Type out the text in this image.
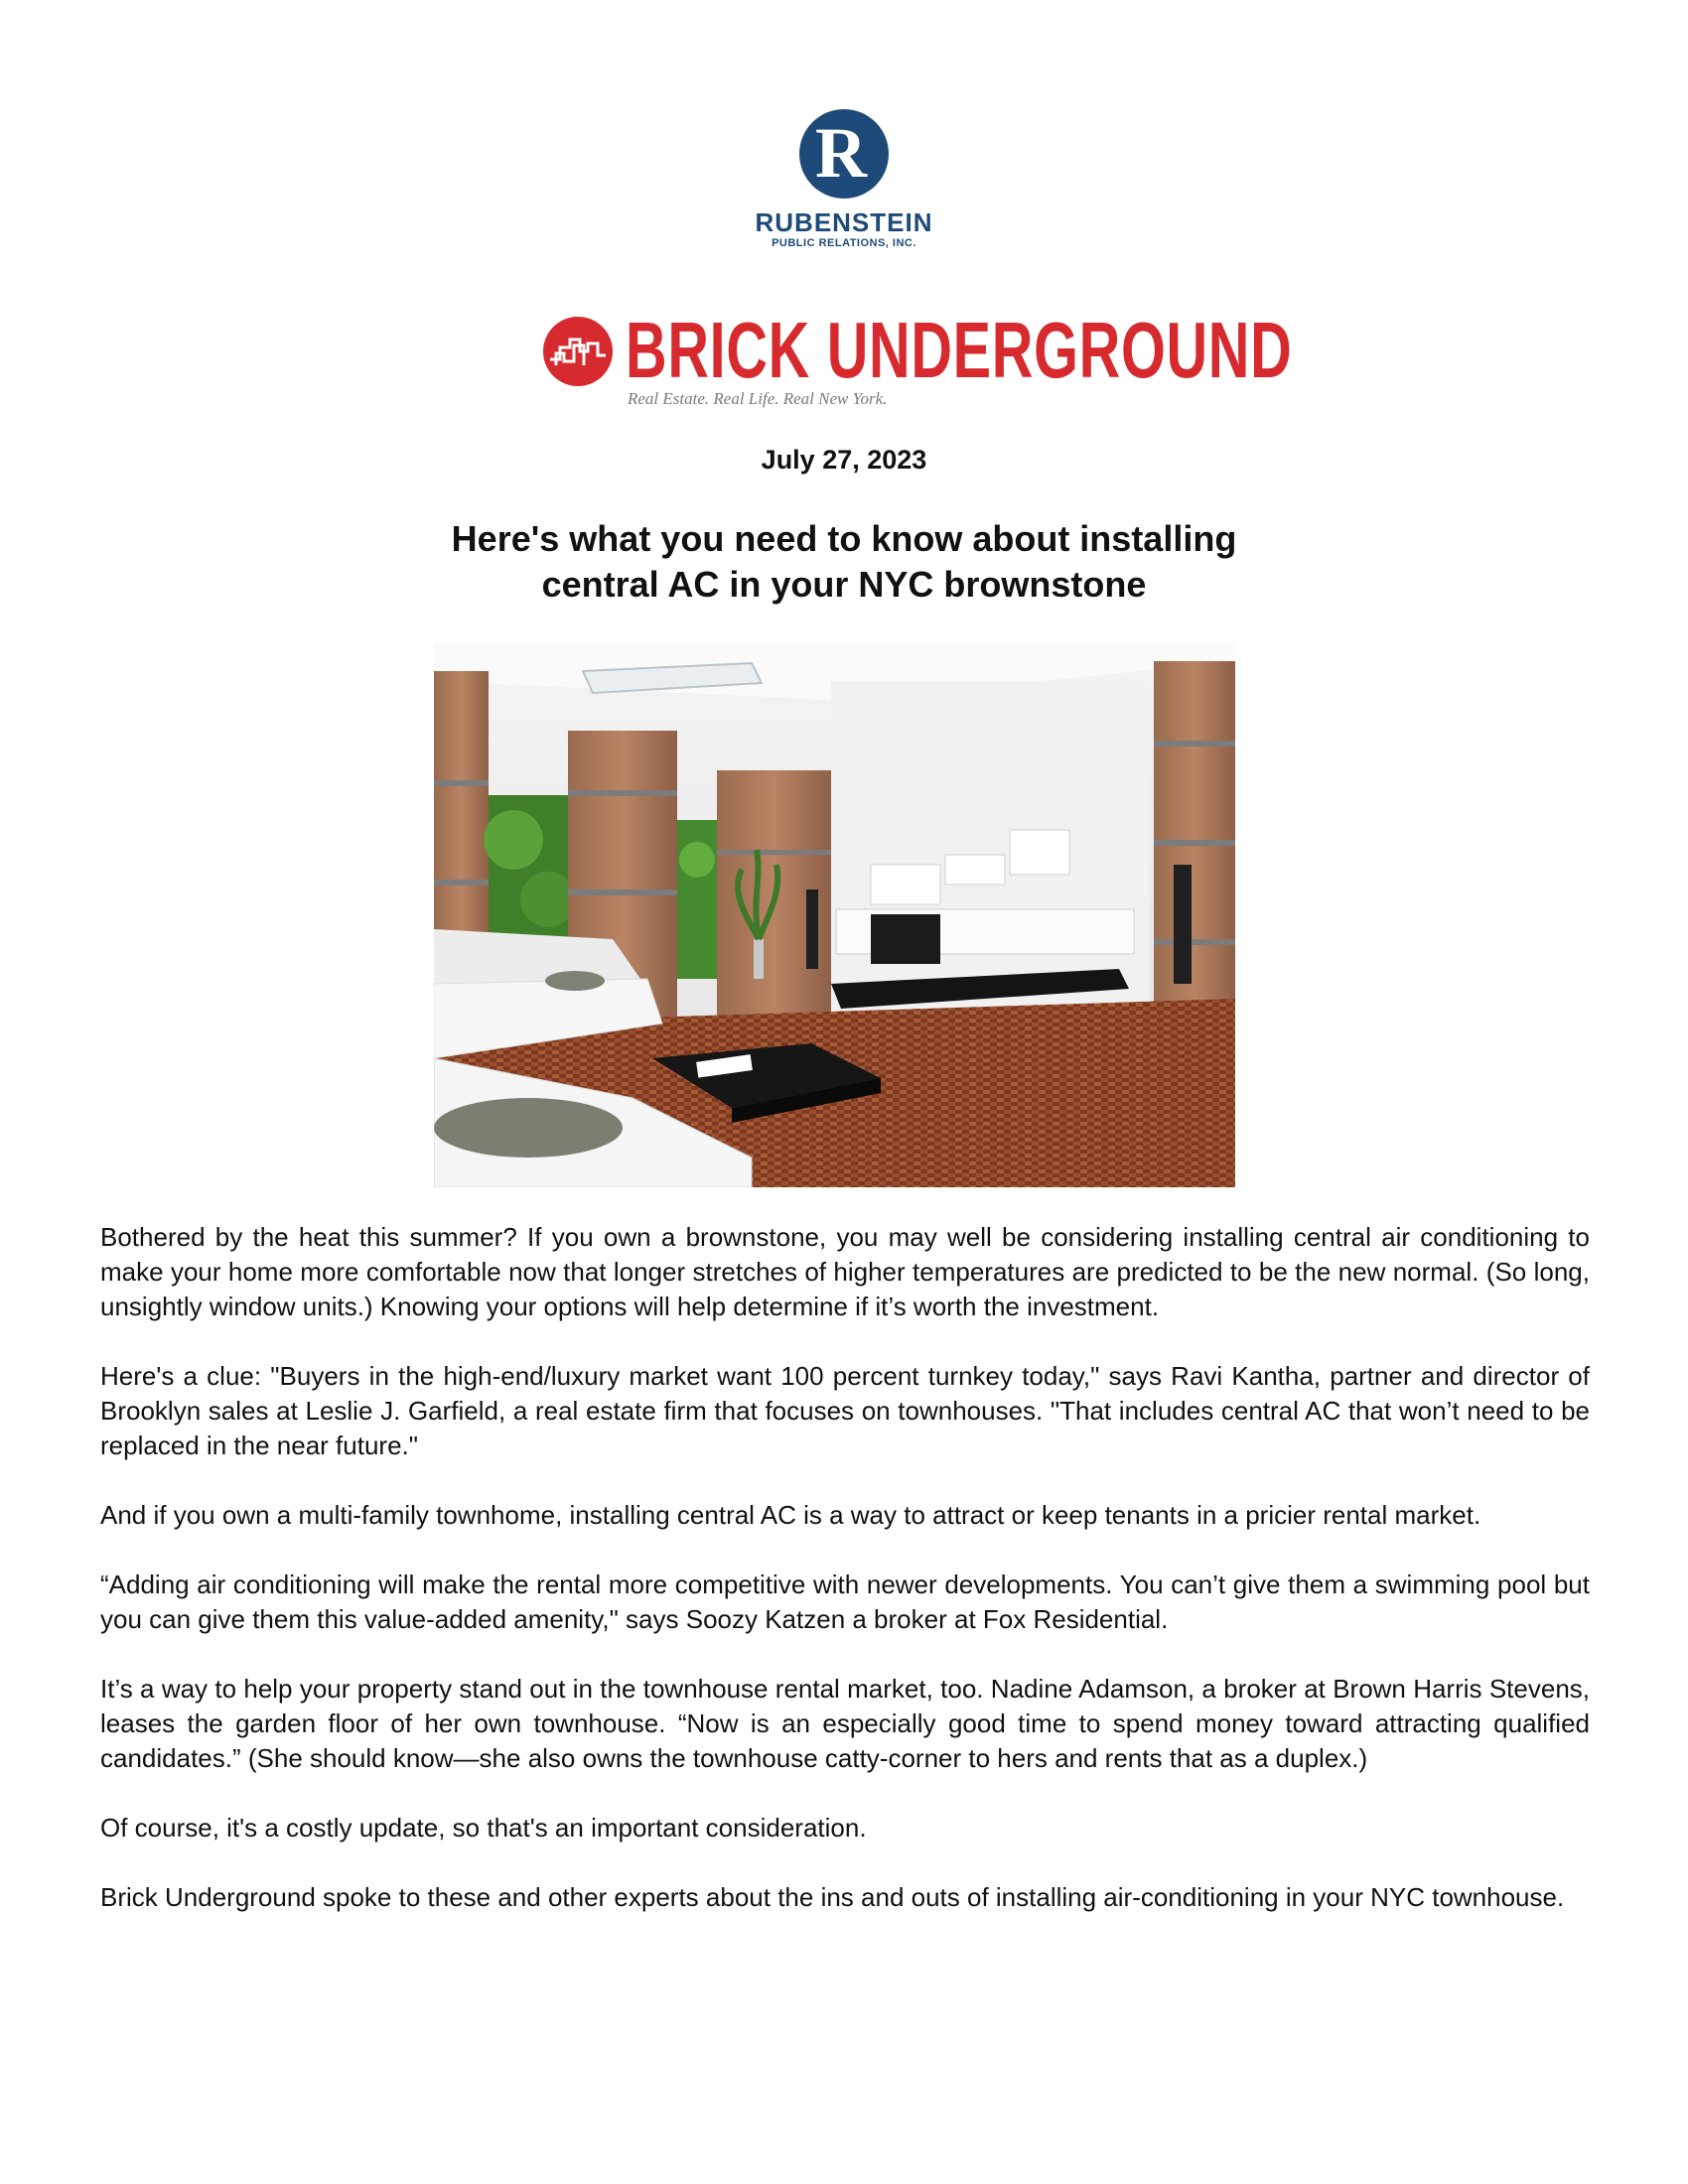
R
RUBENSTEIN
PUBLIC RELATIONS, INC.
BRICK UNDERGROUND
Real Estate. Real Life. Real New York.
July 27, 2023
Here's what you need to know about installing
central AC in your NYC brownstone

Bothered by the heat this summer? If you own a brownstone, you may well be considering installing central air conditioning to make your home more comfortable now that longer stretches of higher temperatures are predicted to be the new normal. (So long, unsightly window units.) Knowing your options will help determine if it’s worth the investment.

Here's a clue: "Buyers in the high-end/luxury market want 100 percent turnkey today," says Ravi Kantha, partner and director of Brooklyn sales at Leslie J. Garfield, a real estate firm that focuses on townhouses. "That includes central AC that won’t need to be replaced in the near future."

And if you own a multi-family townhome, installing central AC is a way to attract or keep tenants in a pricier rental market.

“Adding air conditioning will make the rental more competitive with newer developments. You can’t give them a swimming pool but you can give them this value-added amenity," says Soozy Katzen a broker at Fox Residential.

It’s a way to help your property stand out in the townhouse rental market, too. Nadine Adamson, a broker at Brown Harris Stevens, leases the garden floor of her own townhouse. “Now is an especially good time to spend money toward attracting qualified candidates.” (She should know—she also owns the townhouse catty-corner to hers and rents that as a duplex.)

Of course, it's a costly update, so that's an important consideration.

Brick Underground spoke to these and other experts about the ins and outs of installing air-conditioning in your NYC townhouse.
